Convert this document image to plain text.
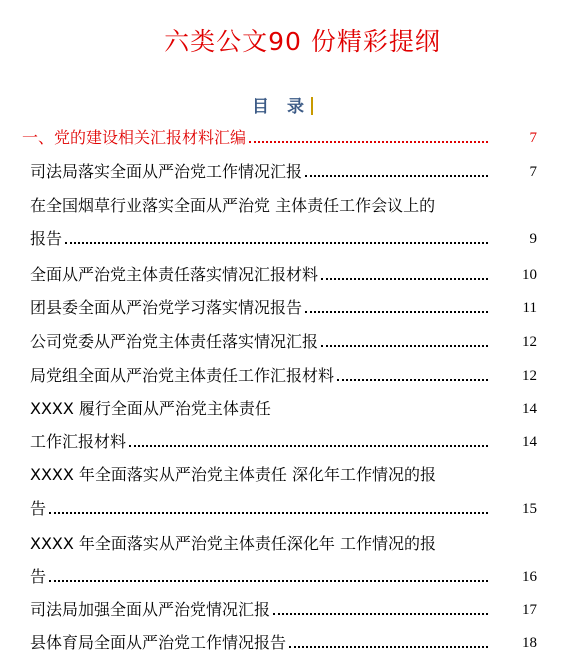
六类公文90 份精彩提纲
目 录
一、党的建设相关汇报材料汇编	7
司法局落实全面从严治党工作情况汇报	7
在全国烟草行业落实全面从严治党 主体责任工作会议上的
报告	9
全面从严治党主体责任落实情况汇报材料	10
团县委全面从严治党学习落实情况报告	11
公司党委从严治党主体责任落实情况汇报	12
局党组全面从严治党主体责任工作汇报材料	12
XXXX 履行全面从严治党主体责任	14
工作汇报材料	14
XXXX 年全面落实从严治党主体责任 深化年工作情况的报
告	15
XXXX 年全面落实从严治党主体责任深化年 工作情况的报
告	16
司法局加强全面从严治党情况汇报	17
县体育局全面从严治党工作情况报告	18
